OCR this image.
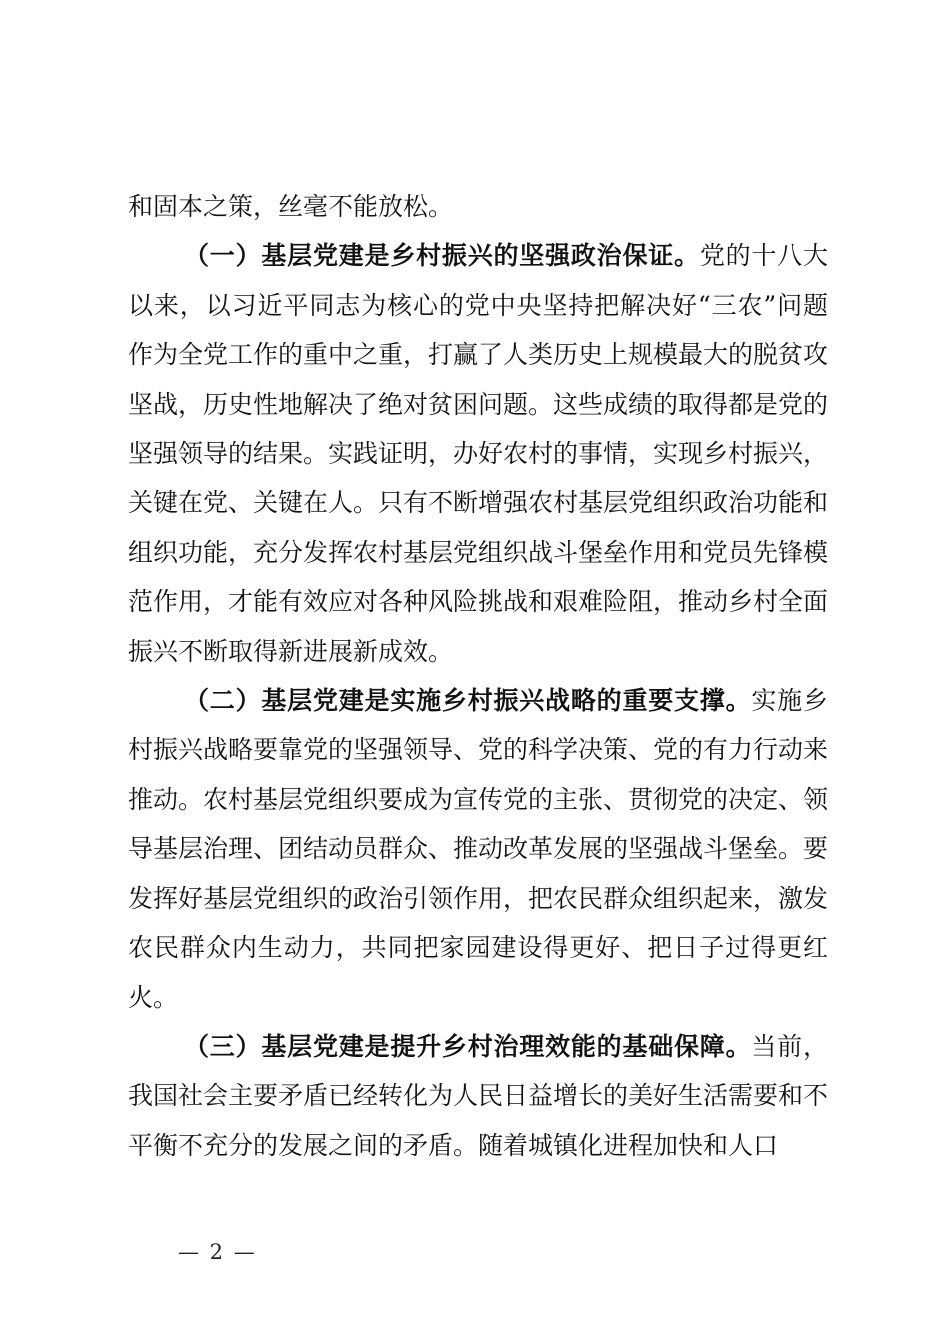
和固本之策，丝毫不能放松。

（一）基层党建是乡村振兴的坚强政治保证。党的十八大以来，以习近平同志为核心的党中央坚持把解决好“三农”问题作为全党工作的重中之重，打赢了人类历史上规模最大的脱贫攻坚战，历史性地解决了绝对贫困问题。这些成绩的取得都是党的坚强领导的结果。实践证明，办好农村的事情，实现乡村振兴，关键在党、关键在人。只有不断增强农村基层党组织政治功能和组织功能，充分发挥农村基层党组织战斗堡垒作用和党员先锋模范作用，才能有效应对各种风险挑战和艰难险阻，推动乡村全面振兴不断取得新进展新成效。

（二）基层党建是实施乡村振兴战略的重要支撑。实施乡村振兴战略要靠党的坚强领导、党的科学决策、党的有力行动来推动。农村基层党组织要成为宣传党的主张、贯彻党的决定、领导基层治理、团结动员群众、推动改革发展的坚强战斗堡垒。要发挥好基层党组织的政治引领作用，把农民群众组织起来，激发农民群众内生动力，共同把家园建设得更好、把日子过得更红火。

（三）基层党建是提升乡村治理效能的基础保障。当前，我国社会主要矛盾已经转化为人民日益增长的美好生活需要和不平衡不充分的发展之间的矛盾。随着城镇化进程加快和人口

— 2 —
